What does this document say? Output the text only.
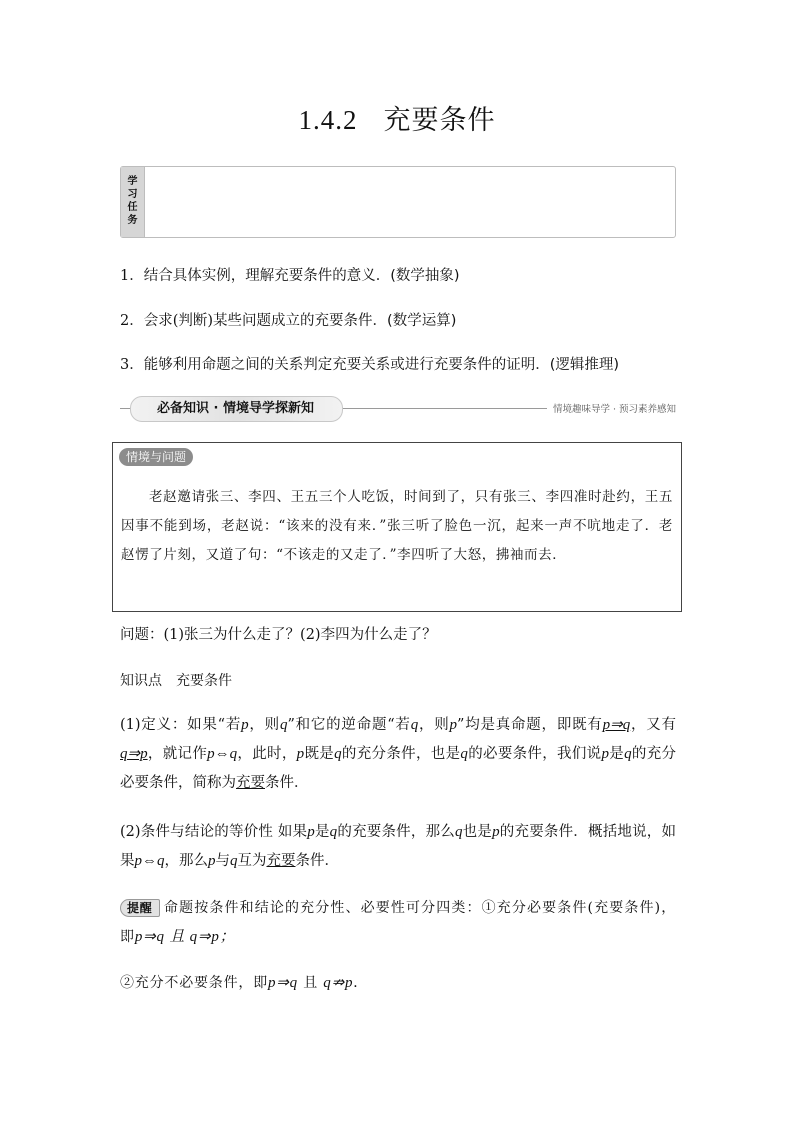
1.4.2 充要条件
学
习
任
务
1．结合具体实例，理解充要条件的意义．(数学抽象)
2．会求(判断)某些问题成立的充要条件．(数学运算)
3．能够利用命题之间的关系判定充要关系或进行充要条件的证明．(逻辑推理)
必备知识 · 情境导学探新知	情境趣味导学 · 预习素养感知
情境与问题
老赵邀请张三、李四、王五三个人吃饭，时间到了，只有张三、李四准时赴约，王五因事不能到场，老赵说：“该来的没有来．”张三听了脸色一沉，起来一声不吭地走了．老赵愣了片刻，又道了句：“不该走的又走了．”李四听了大怒，拂袖而去．
问题：(1)张三为什么走了？(2)李四为什么走了？
知识点　充要条件
(1)定义：如果“若p，则q”和它的逆命题“若q，则p”均是真命题，即既有p⇒q，又有q⇒p，就记作p⇔q，此时，p既是q的充分条件，也是q的必要条件，我们说p是q的充分必要条件，简称为充要条件．
(2)条件与结论的等价性 如果p是q的充要条件，那么q也是p的充要条件．概括地说，如果p⇔q，那么p与q互为充要条件．
提醒 命题按条件和结论的充分性、必要性可分四类：①充分必要条件(充要条件)，即p⇒q 且 q⇒p；
②充分不必要条件，即p⇒q 且 q⇏p．
